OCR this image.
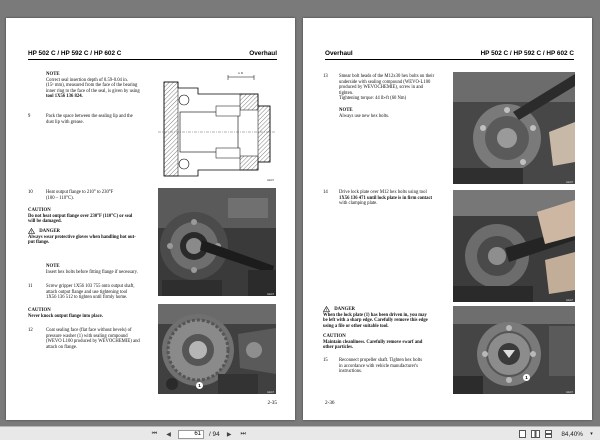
HP 502 C / HP 592 C / HP 602 C	Overhaul
NOTE
Correct seal insertion depth of 0.59-0.04 in.
(15¹ mm), measured from the face of the bearing
inner ring to the face of the seal, is given by using
tool 1X56 136 824.
9	Pack the space between the sealing lip and the
dust lip with grease.
1 5
HEAT
10	Heat output flange to 210° to 230°F
(100 – 110°C).
CAUTION
Do not heat output flange over 230°F (110°C) or seal
will be damaged.
! DANGER
Always wear protective gloves when handling hot out-
put flange.
NOTE
Insert hex bolts before fitting flange if necessary.
11	Screw gripper 1X56 103 755 onto output shaft,
attach output flange and use tightening tool
1X56 136 512 to tighten until firmly home.
CAUTION
Never knock output flange into place.
12	Coat sealing face (flat face without bevels) of
pressure washer (1) with sealing compound
(WEVO L100 produced by WEVOCHEMIE) and
attach on flange.
HEAT
1
HEAT
2-35
Overhaul	HP 502 C / HP 592 C / HP 602 C
13 Smear bolt heads of the M12x30 hex bolts on their
underside with sealing compound (WEVO-L100
produced by WEVOCHEMIE), screw in and
tighten.
Tightening torque: 44 lb-ft (60 Nm)
NOTE
Always use new hex bolts.
HEAT
14 Drive lock plate over M12 hex bolts using tool
1X56 136 471 until lock plate is in firm contact
with clamping plate.
HEAT
! DANGER
When the lock plate (1) has been driven in, you may
be left with a sharp edge. Carefully remove this edge
using a file or other suitable tool.
CAUTION
Maintain cleanliness. Carefully remove swarf and
other particles.
15 Reconnect propeller shaft. Tighten hex bolts
in accordance with vehicle manufacturer's
instructions.
1
HEAT
2-36
⏮	◀
61	/ 94	▶	⏭	84,40%	▾
